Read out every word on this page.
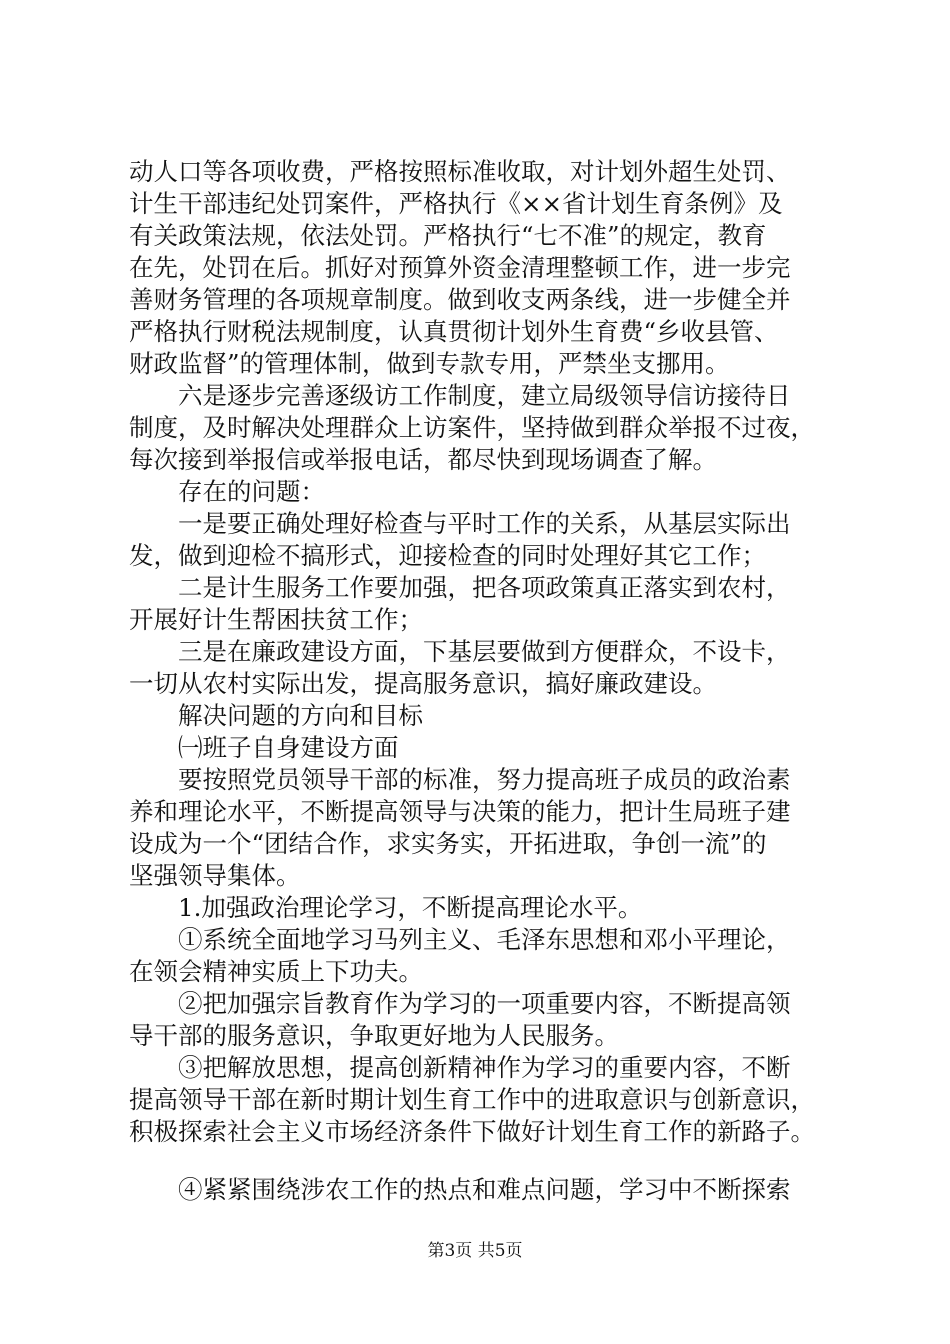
动人口等各项收费，严格按照标准收取，对计划外超生处罚、
计生干部违纪处罚案件，严格执行《××省计划生育条例》及
有关政策法规，依法处罚。严格执行“七不准”的规定，教育
在先，处罚在后。抓好对预算外资金清理整顿工作，进一步完
善财务管理的各项规章制度。做到收支两条线，进一步健全并
严格执行财税法规制度，认真贯彻计划外生育费“乡收县管、
财政监督”的管理体制，做到专款专用，严禁坐支挪用。
　　六是逐步完善逐级访工作制度，建立局级领导信访接待日
制度，及时解决处理群众上访案件，坚持做到群众举报不过夜，
每次接到举报信或举报电话，都尽快到现场调查了解。
　　存在的问题：
　　一是要正确处理好检查与平时工作的关系，从基层实际出
发，做到迎检不搞形式，迎接检查的同时处理好其它工作；
　　二是计生服务工作要加强，把各项政策真正落实到农村，
开展好计生帮困扶贫工作；
　　三是在廉政建设方面，下基层要做到方便群众，不设卡，
一切从农村实际出发，提高服务意识，搞好廉政建设。
　　解决问题的方向和目标
　　㈠班子自身建设方面
　　要按照党员领导干部的标准，努力提高班子成员的政治素
养和理论水平，不断提高领导与决策的能力，把计生局班子建
设成为一个“团结合作，求实务实，开拓进取，争创一流”的
坚强领导集体。
　　1.加强政治理论学习，不断提高理论水平。
　　①系统全面地学习马列主义、毛泽东思想和邓小平理论，
在领会精神实质上下功夫。
　　②把加强宗旨教育作为学习的一项重要内容，不断提高领
导干部的服务意识，争取更好地为人民服务。
　　③把解放思想，提高创新精神作为学习的重要内容，不断
提高领导干部在新时期计划生育工作中的进取意识与创新意识，
积极探索社会主义市场经济条件下做好计划生育工作的新路子。
　　④紧紧围绕涉农工作的热点和难点问题，学习中不断探索
第3页 共5页
